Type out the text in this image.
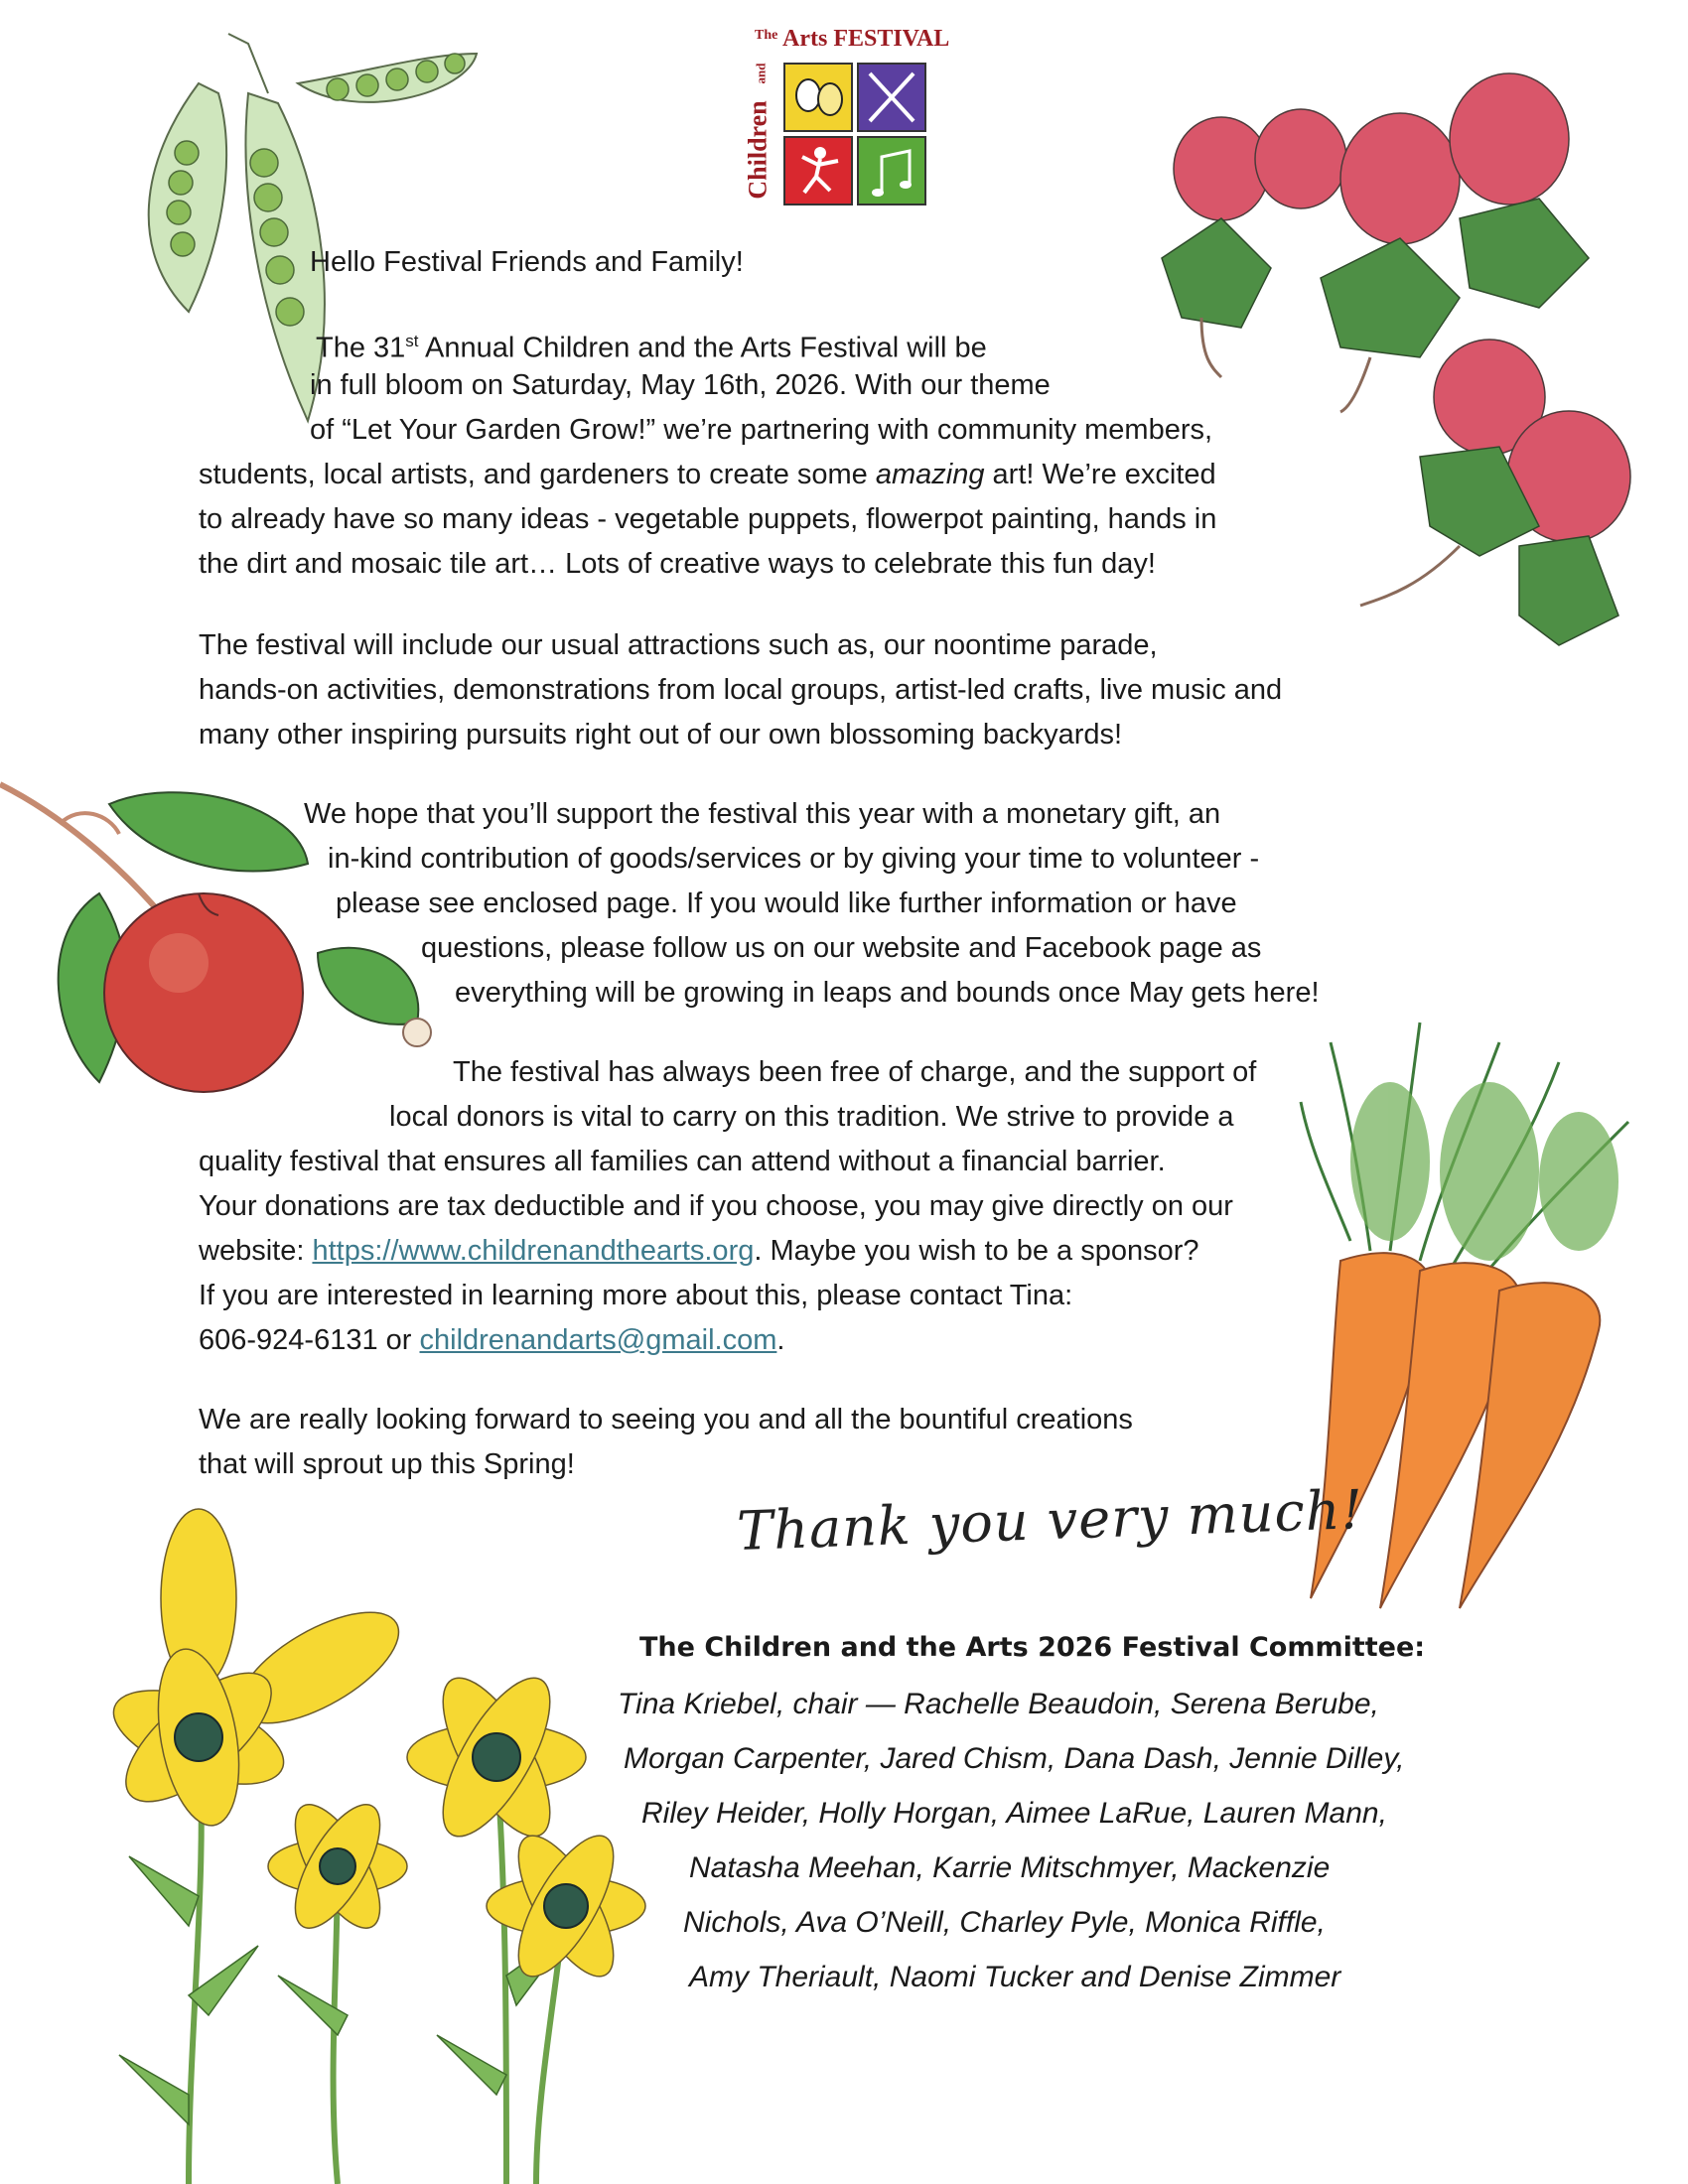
The Arts FESTIVAL
Children
and
Hello Festival Friends and Family!
The 31st Annual Children and the Arts Festival will be
in full bloom on Saturday, May 16th, 2026. With our theme
of “Let Your Garden Grow!” we’re partnering with community members,
students, local artists, and gardeners to create some amazing art! We’re excited
to already have so many ideas - vegetable puppets, flowerpot painting, hands in
the dirt and mosaic tile art… Lots of creative ways to celebrate this fun day!
The festival will include our usual attractions such as, our noontime parade,
hands-on activities, demonstrations from local groups, artist-led crafts, live music and
many other inspiring pursuits right out of our own blossoming backyards!
We hope that you’ll support the festival this year with a monetary gift, an
in-kind contribution of goods/services or by giving your time to volunteer -
please see enclosed page. If you would like further information or have
questions, please follow us on our website and Facebook page as
everything will be growing in leaps and bounds once May gets here!
The festival has always been free of charge, and the support of
local donors is vital to carry on this tradition. We strive to provide a
quality festival that ensures all families can attend without a financial barrier.
Your donations are tax deductible and if you choose, you may give directly on our
website: https://www.childrenandthearts.org. Maybe you wish to be a sponsor?
If you are interested in learning more about this, please contact Tina:
606-924-6131 or childrenandarts@gmail.com.
We are really looking forward to seeing you and all the bountiful creations
that will sprout up this Spring!
Thank you very much!
The Children and the Arts 2026 Festival Committee:
Tina Kriebel, chair — Rachelle Beaudoin, Serena Berube,
Morgan Carpenter, Jared Chism, Dana Dash, Jennie Dilley,
Riley Heider, Holly Horgan, Aimee LaRue, Lauren Mann,
Natasha Meehan, Karrie Mitschmyer, Mackenzie
Nichols, Ava O’Neill, Charley Pyle, Monica Riffle,
Amy Theriault, Naomi Tucker and Denise Zimmer
